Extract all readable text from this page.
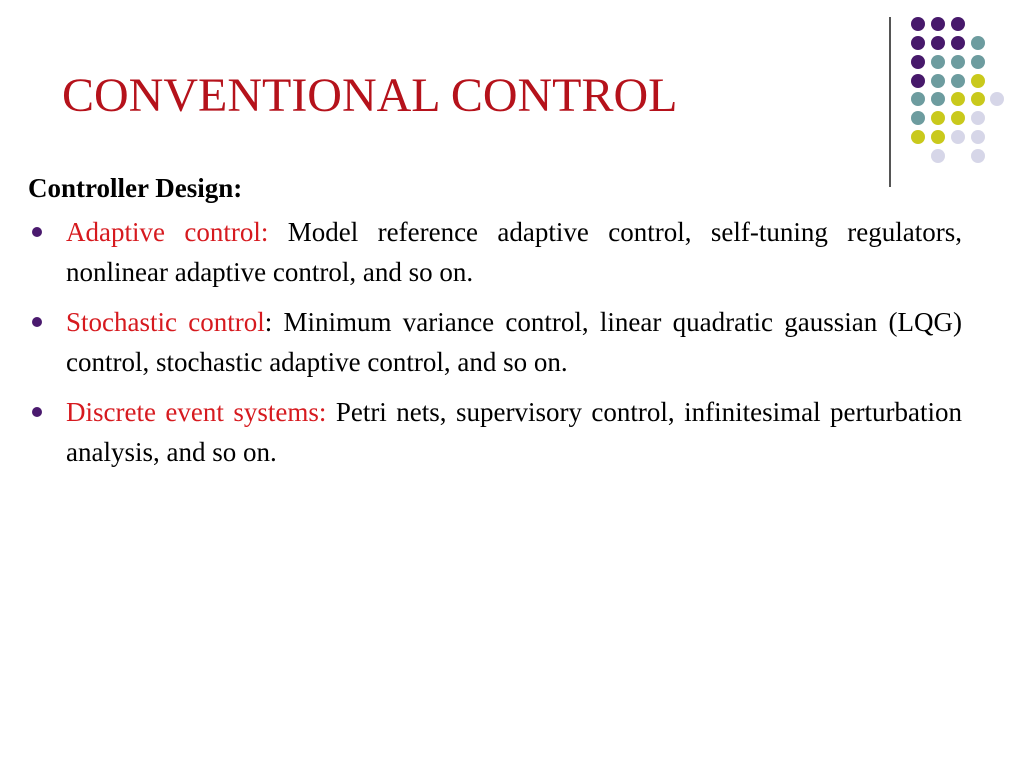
CONVENTIONAL CONTROL
Controller Design:
Adaptive control: Model reference adaptive control, self-tuning regulators, nonlinear adaptive control, and so on.
Stochastic control: Minimum variance control, linear quadratic gaussian (LQG) control, stochastic adaptive control, and so on.
Discrete event systems: Petri nets, supervisory control, infinitesimal perturbation analysis, and so on.
